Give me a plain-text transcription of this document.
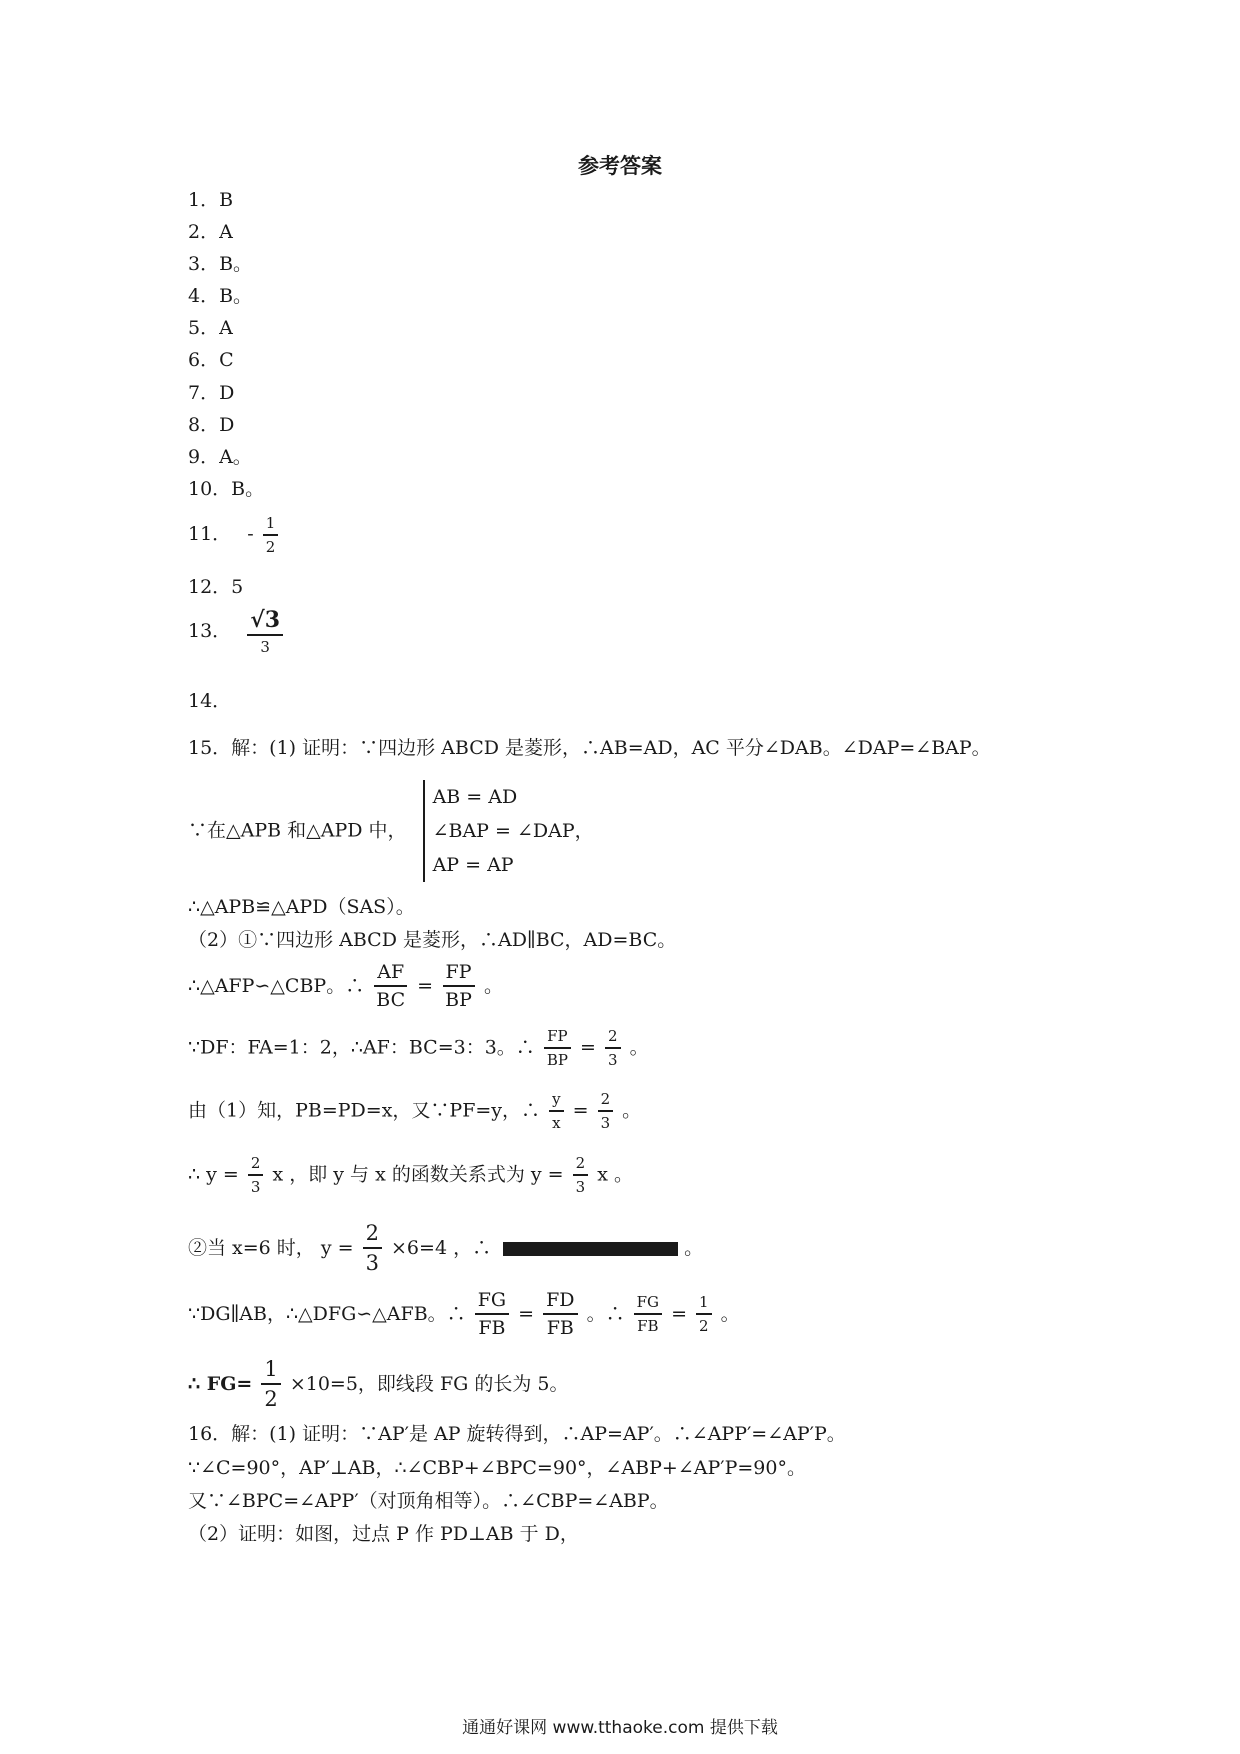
参考答案
1．B
2．A
3．B。
4．B。
5．A
6．C
7．D
8．D
9．A。
10．B。
11． - $\frac{1}{2}$
12．5
13． $\frac{√3}{3}$
14．
15．解：(1) 证明：∵四边形 ABCD 是菱形，∴AB=AD，AC 平分∠DAB。∠DAP=∠BAP。
∵在△APB 和△APD 中，
AB = AD
∠BAP = ∠DAP，
AP = AP
∴△APB≌△APD（SAS）。
（2）①∵四边形 ABCD 是菱形，∴AD∥BC，AD=BC。
∴△AFP∽△CBP。∴ $\frac{AF}{BC} = \frac{FP}{BP}$ 。
∵DF：FA=1：2，∴AF：BC=3：3。∴ $\frac{FP}{BP} = \frac{2}{3}$ 。
由（1）知，PB=PD=x，又∵PF=y，∴ $\frac{y}{x} = \frac{2}{3}$ 。
∴ $y = \frac{2}{3}$ x ，即 y 与 x 的函数关系式为 $y = \frac{2}{3}$ x 。
②当 x=6 时， $y = \frac{2}{3} \times 6=4$ ，∴	。
∵DG∥AB，∴△DFG∽△AFB。∴ $\frac{FG}{FB} = \frac{FD}{FB}$ 。∴ $\frac{FG}{FB} = \frac{1}{2}$ 。
∴ $FG= \frac{1}{2} \times 10=5$，即线段 FG 的长为 5。
16．解：(1) 证明：∵AP′是 AP 旋转得到，∴AP=AP′。∴∠APP′=∠AP′P。
∵∠C=90°，AP′⊥AB，∴∠CBP+∠BPC=90°，∠ABP+∠AP′P=90°。
又∵∠BPC=∠APP′（对顶角相等）。∴∠CBP=∠ABP。
（2）证明：如图，过点 P 作 PD⊥AB 于 D，
通通好课网 www.tthaoke.com 提供下载
